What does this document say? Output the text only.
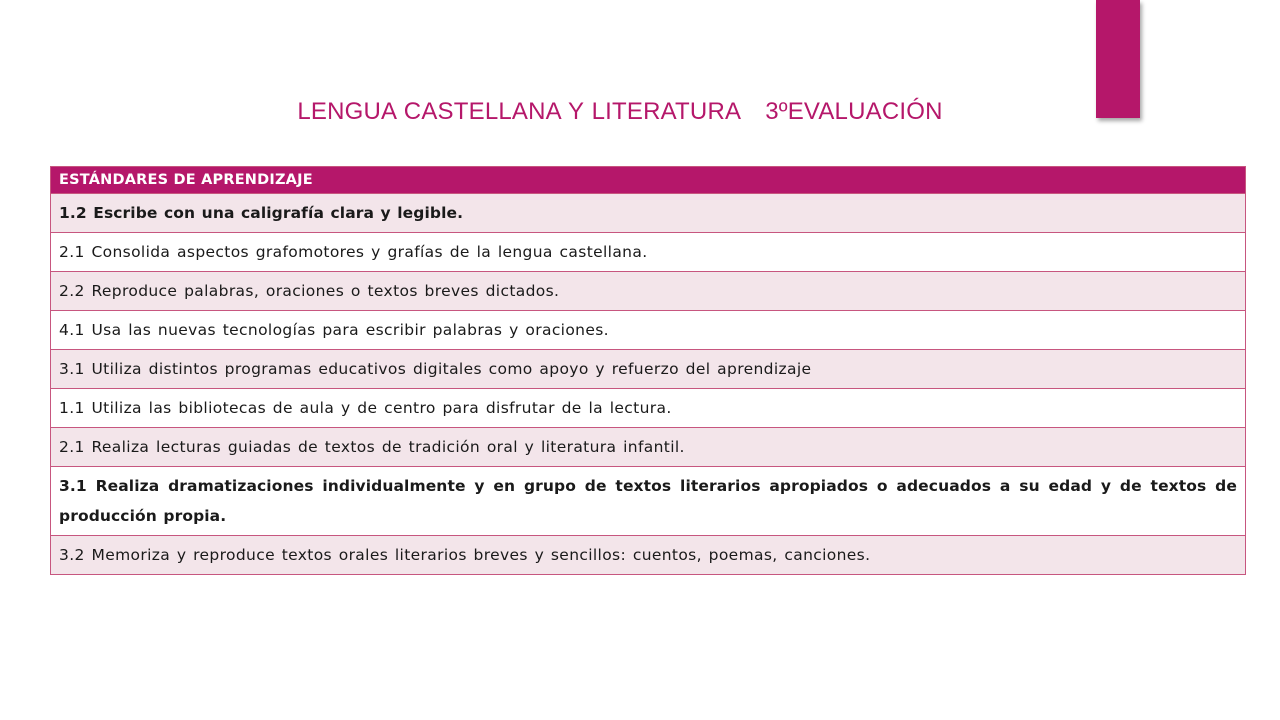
LENGUA CASTELLANA Y LITERATURA 3ºEVALUACIÓN
ESTÁNDARES DE APRENDIZAJE
1.2 Escribe con una caligrafía clara y legible.
2.1 Consolida aspectos grafomotores y grafías de la lengua castellana.
2.2 Reproduce palabras, oraciones o textos breves dictados.
4.1 Usa las nuevas tecnologías para escribir palabras y oraciones.
3.1 Utiliza distintos programas educativos digitales como apoyo y refuerzo del aprendizaje
1.1 Utiliza las bibliotecas de aula y de centro para disfrutar de la lectura.
2.1 Realiza lecturas guiadas de textos de tradición oral y literatura infantil.
3.1 Realiza dramatizaciones individualmente y en grupo de textos literarios apropiados o adecuados a su edad y de textos de producción propia.
3.2 Memoriza y reproduce textos orales literarios breves y sencillos: cuentos, poemas, canciones.
